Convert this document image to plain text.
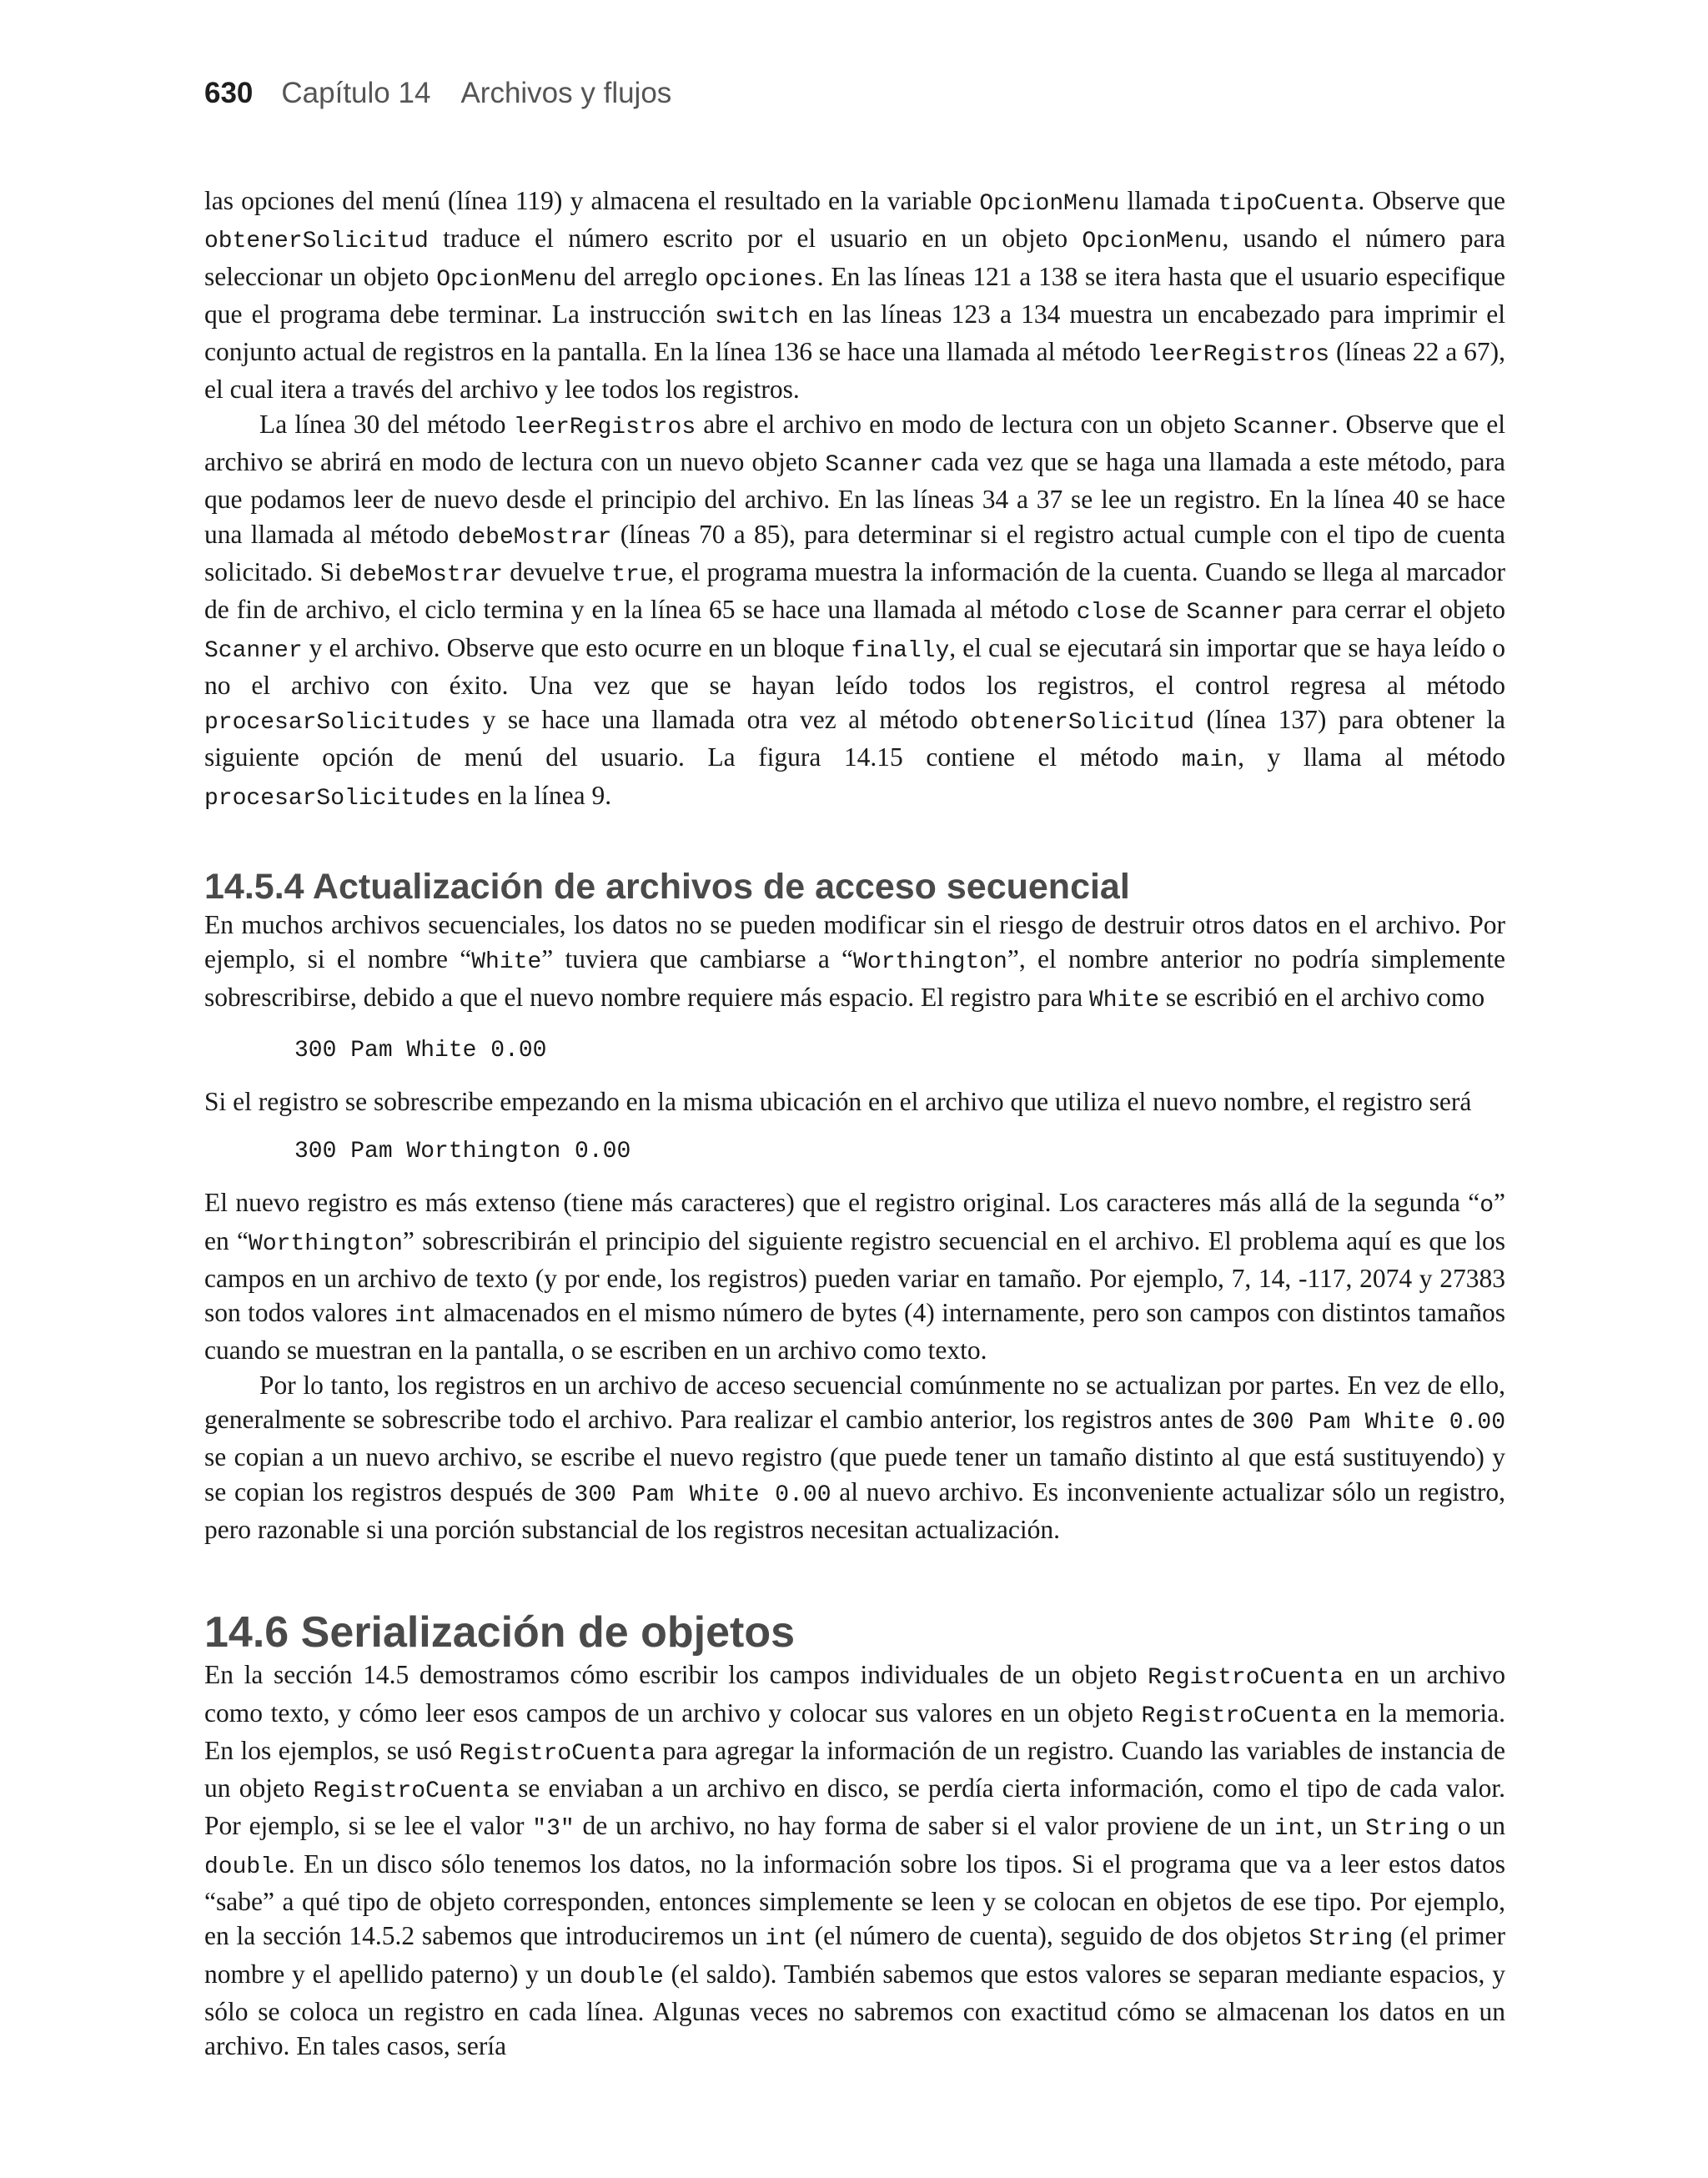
630 Capítulo 14 Archivos y flujos

las opciones del menú (línea 119) y almacena el resultado en la variable OpcionMenu llamada tipoCuenta. Observe que obtenerSolicitud traduce el número escrito por el usuario en un objeto OpcionMenu, usando el número para seleccionar un objeto OpcionMenu del arreglo opciones. En las líneas 121 a 138 se itera hasta que el usuario especifique que el programa debe terminar. La instrucción switch en las líneas 123 a 134 muestra un encabezado para imprimir el conjunto actual de registros en la pantalla. En la línea 136 se hace una llamada al método leerRegistros (líneas 22 a 67), el cual itera a través del archivo y lee todos los registros.

La línea 30 del método leerRegistros abre el archivo en modo de lectura con un objeto Scanner. Observe que el archivo se abrirá en modo de lectura con un nuevo objeto Scanner cada vez que se haga una llamada a este método, para que podamos leer de nuevo desde el principio del archivo. En las líneas 34 a 37 se lee un registro. En la línea 40 se hace una llamada al método debeMostrar (líneas 70 a 85), para determinar si el registro actual cumple con el tipo de cuenta solicitado. Si debeMostrar devuelve true, el programa muestra la información de la cuenta. Cuando se llega al marcador de fin de archivo, el ciclo termina y en la línea 65 se hace una llamada al método close de Scanner para cerrar el objeto Scanner y el archivo. Observe que esto ocurre en un bloque finally, el cual se ejecutará sin importar que se haya leído o no el archivo con éxito. Una vez que se hayan leído todos los registros, el control regresa al método procesarSolicitudes y se hace una llamada otra vez al método obtenerSolicitud (línea 137) para obtener la siguiente opción de menú del usuario. La figura 14.15 contiene el método main, y llama al método procesarSolicitudes en la línea 9.

14.5.4 Actualización de archivos de acceso secuencial

En muchos archivos secuenciales, los datos no se pueden modificar sin el riesgo de destruir otros datos en el archivo. Por ejemplo, si el nombre “White” tuviera que cambiarse a “Worthington”, el nombre anterior no podría simplemente sobrescribirse, debido a que el nuevo nombre requiere más espacio. El registro para White se escribió en el archivo como

300 Pam White 0.00

Si el registro se sobrescribe empezando en la misma ubicación en el archivo que utiliza el nuevo nombre, el registro será

300 Pam Worthington 0.00

El nuevo registro es más extenso (tiene más caracteres) que el registro original. Los caracteres más allá de la segunda “o” en “Worthington” sobrescribirán el principio del siguiente registro secuencial en el archivo. El problema aquí es que los campos en un archivo de texto (y por ende, los registros) pueden variar en tamaño. Por ejemplo, 7, 14, -117, 2074 y 27383 son todos valores int almacenados en el mismo número de bytes (4) internamente, pero son campos con distintos tamaños cuando se muestran en la pantalla, o se escriben en un archivo como texto.

Por lo tanto, los registros en un archivo de acceso secuencial comúnmente no se actualizan por partes. En vez de ello, generalmente se sobrescribe todo el archivo. Para realizar el cambio anterior, los registros antes de 300 Pam White 0.00 se copian a un nuevo archivo, se escribe el nuevo registro (que puede tener un tamaño distinto al que está sustituyendo) y se copian los registros después de 300 Pam White 0.00 al nuevo archivo. Es inconveniente actualizar sólo un registro, pero razonable si una porción substancial de los registros necesitan actualización.

14.6 Serialización de objetos

En la sección 14.5 demostramos cómo escribir los campos individuales de un objeto RegistroCuenta en un archivo como texto, y cómo leer esos campos de un archivo y colocar sus valores en un objeto RegistroCuenta en la memoria. En los ejemplos, se usó RegistroCuenta para agregar la información de un registro. Cuando las variables de instancia de un objeto RegistroCuenta se enviaban a un archivo en disco, se perdía cierta información, como el tipo de cada valor. Por ejemplo, si se lee el valor "3" de un archivo, no hay forma de saber si el valor proviene de un int, un String o un double. En un disco sólo tenemos los datos, no la información sobre los tipos. Si el programa que va a leer estos datos “sabe” a qué tipo de objeto corresponden, entonces simplemente se leen y se colocan en objetos de ese tipo. Por ejemplo, en la sección 14.5.2 sabemos que introduciremos un int (el número de cuenta), seguido de dos objetos String (el primer nombre y el apellido paterno) y un double (el saldo). También sabemos que estos valores se separan mediante espacios, y sólo se coloca un registro en cada línea. Algunas veces no sabremos con exactitud cómo se almacenan los datos en un archivo. En tales casos, sería
